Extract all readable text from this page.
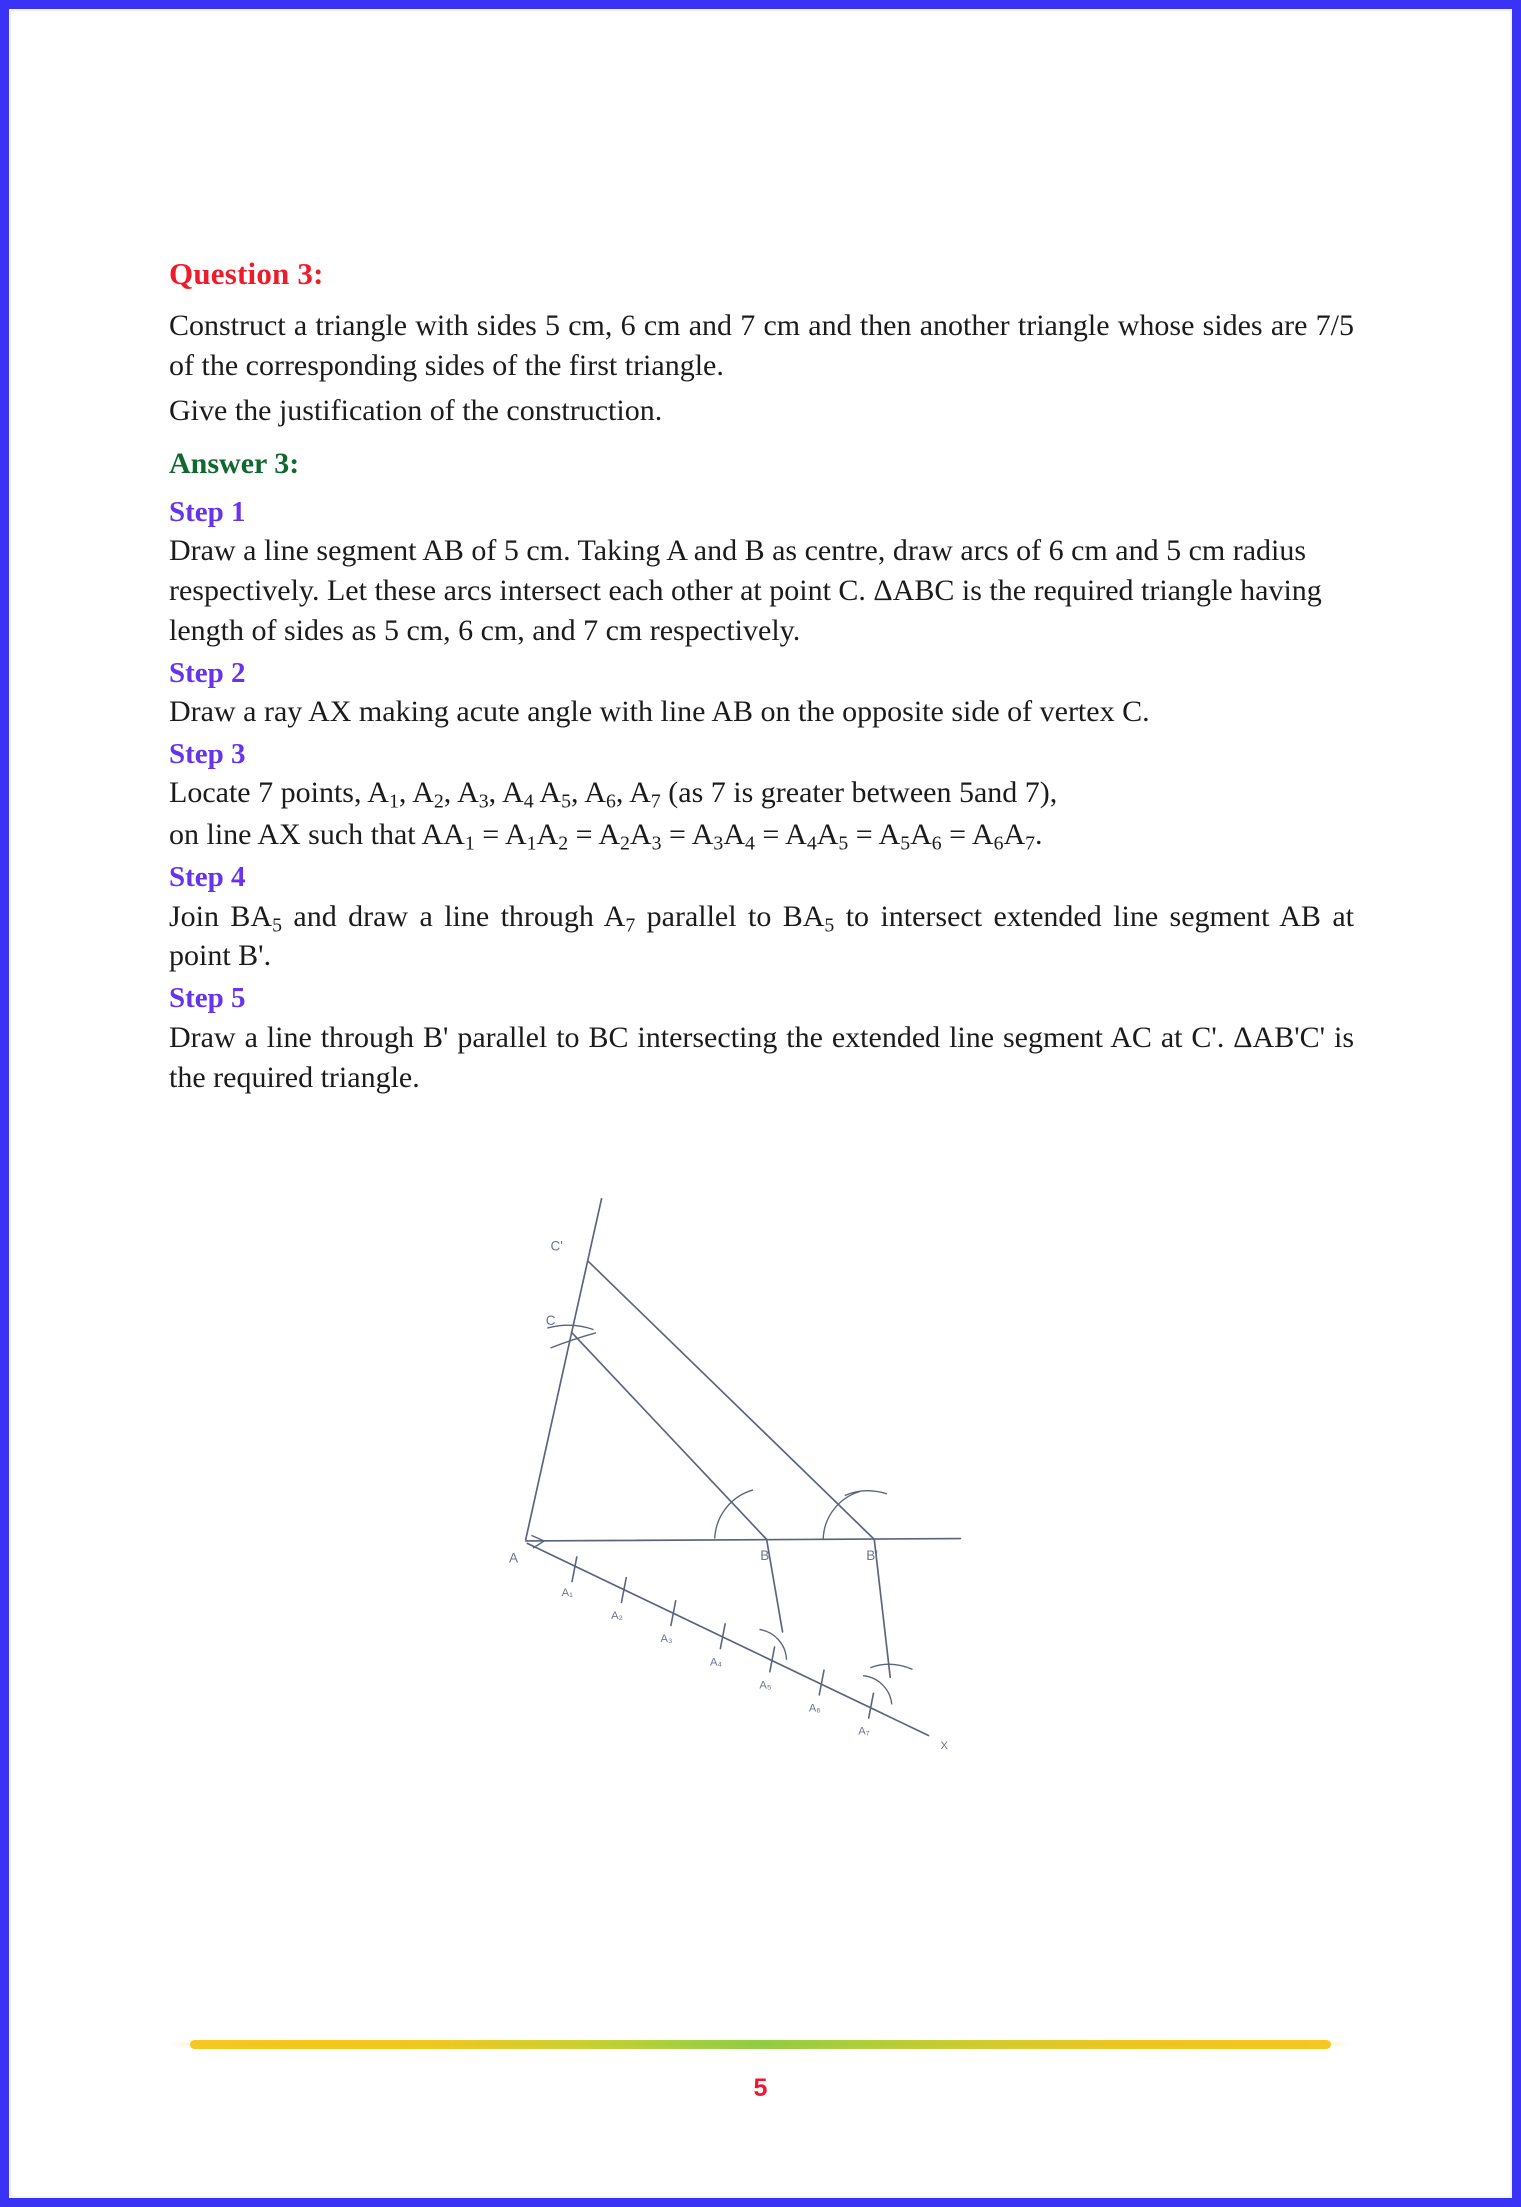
Question 3:

Construct a triangle with sides 5 cm, 6 cm and 7 cm and then another triangle whose sides are 7/5 of the corresponding sides of the first triangle.

Give the justification of the construction.

Answer 3:
Step 1

Draw a line segment AB of 5 cm. Taking A and B as centre, draw arcs of 6 cm and 5 cm radius respectively. Let these arcs intersect each other at point C. ΔABC is the required triangle having length of sides as 5 cm, 6 cm, and 7 cm respectively.

Step 2

Draw a ray AX making acute angle with line AB on the opposite side of vertex C.

Step 3

Locate 7 points, $A_1$, $A_2$, $A_3$, $A_4$ $A_5$, $A_6$, $A_7$ (as 7 is greater between 5and 7),

on line AX such that $AA_1 = A_1A_2 = A_2A_3 = A_3A_4 = A_4A_5 = A_5A_6 = A_6A_7$.

Step 4

Join $BA_5$ and draw a line through $A_7$ parallel to $BA_5$ to intersect extended line segment AB at point B'.

Step 5

Draw a line through B' parallel to BC intersecting the extended line segment AC at C'. ΔAB'C' is the required triangle.

C'
C
A	B	B'
A₁
A₂
A₃
A₄
A₅
A₆
A₇
X
5
